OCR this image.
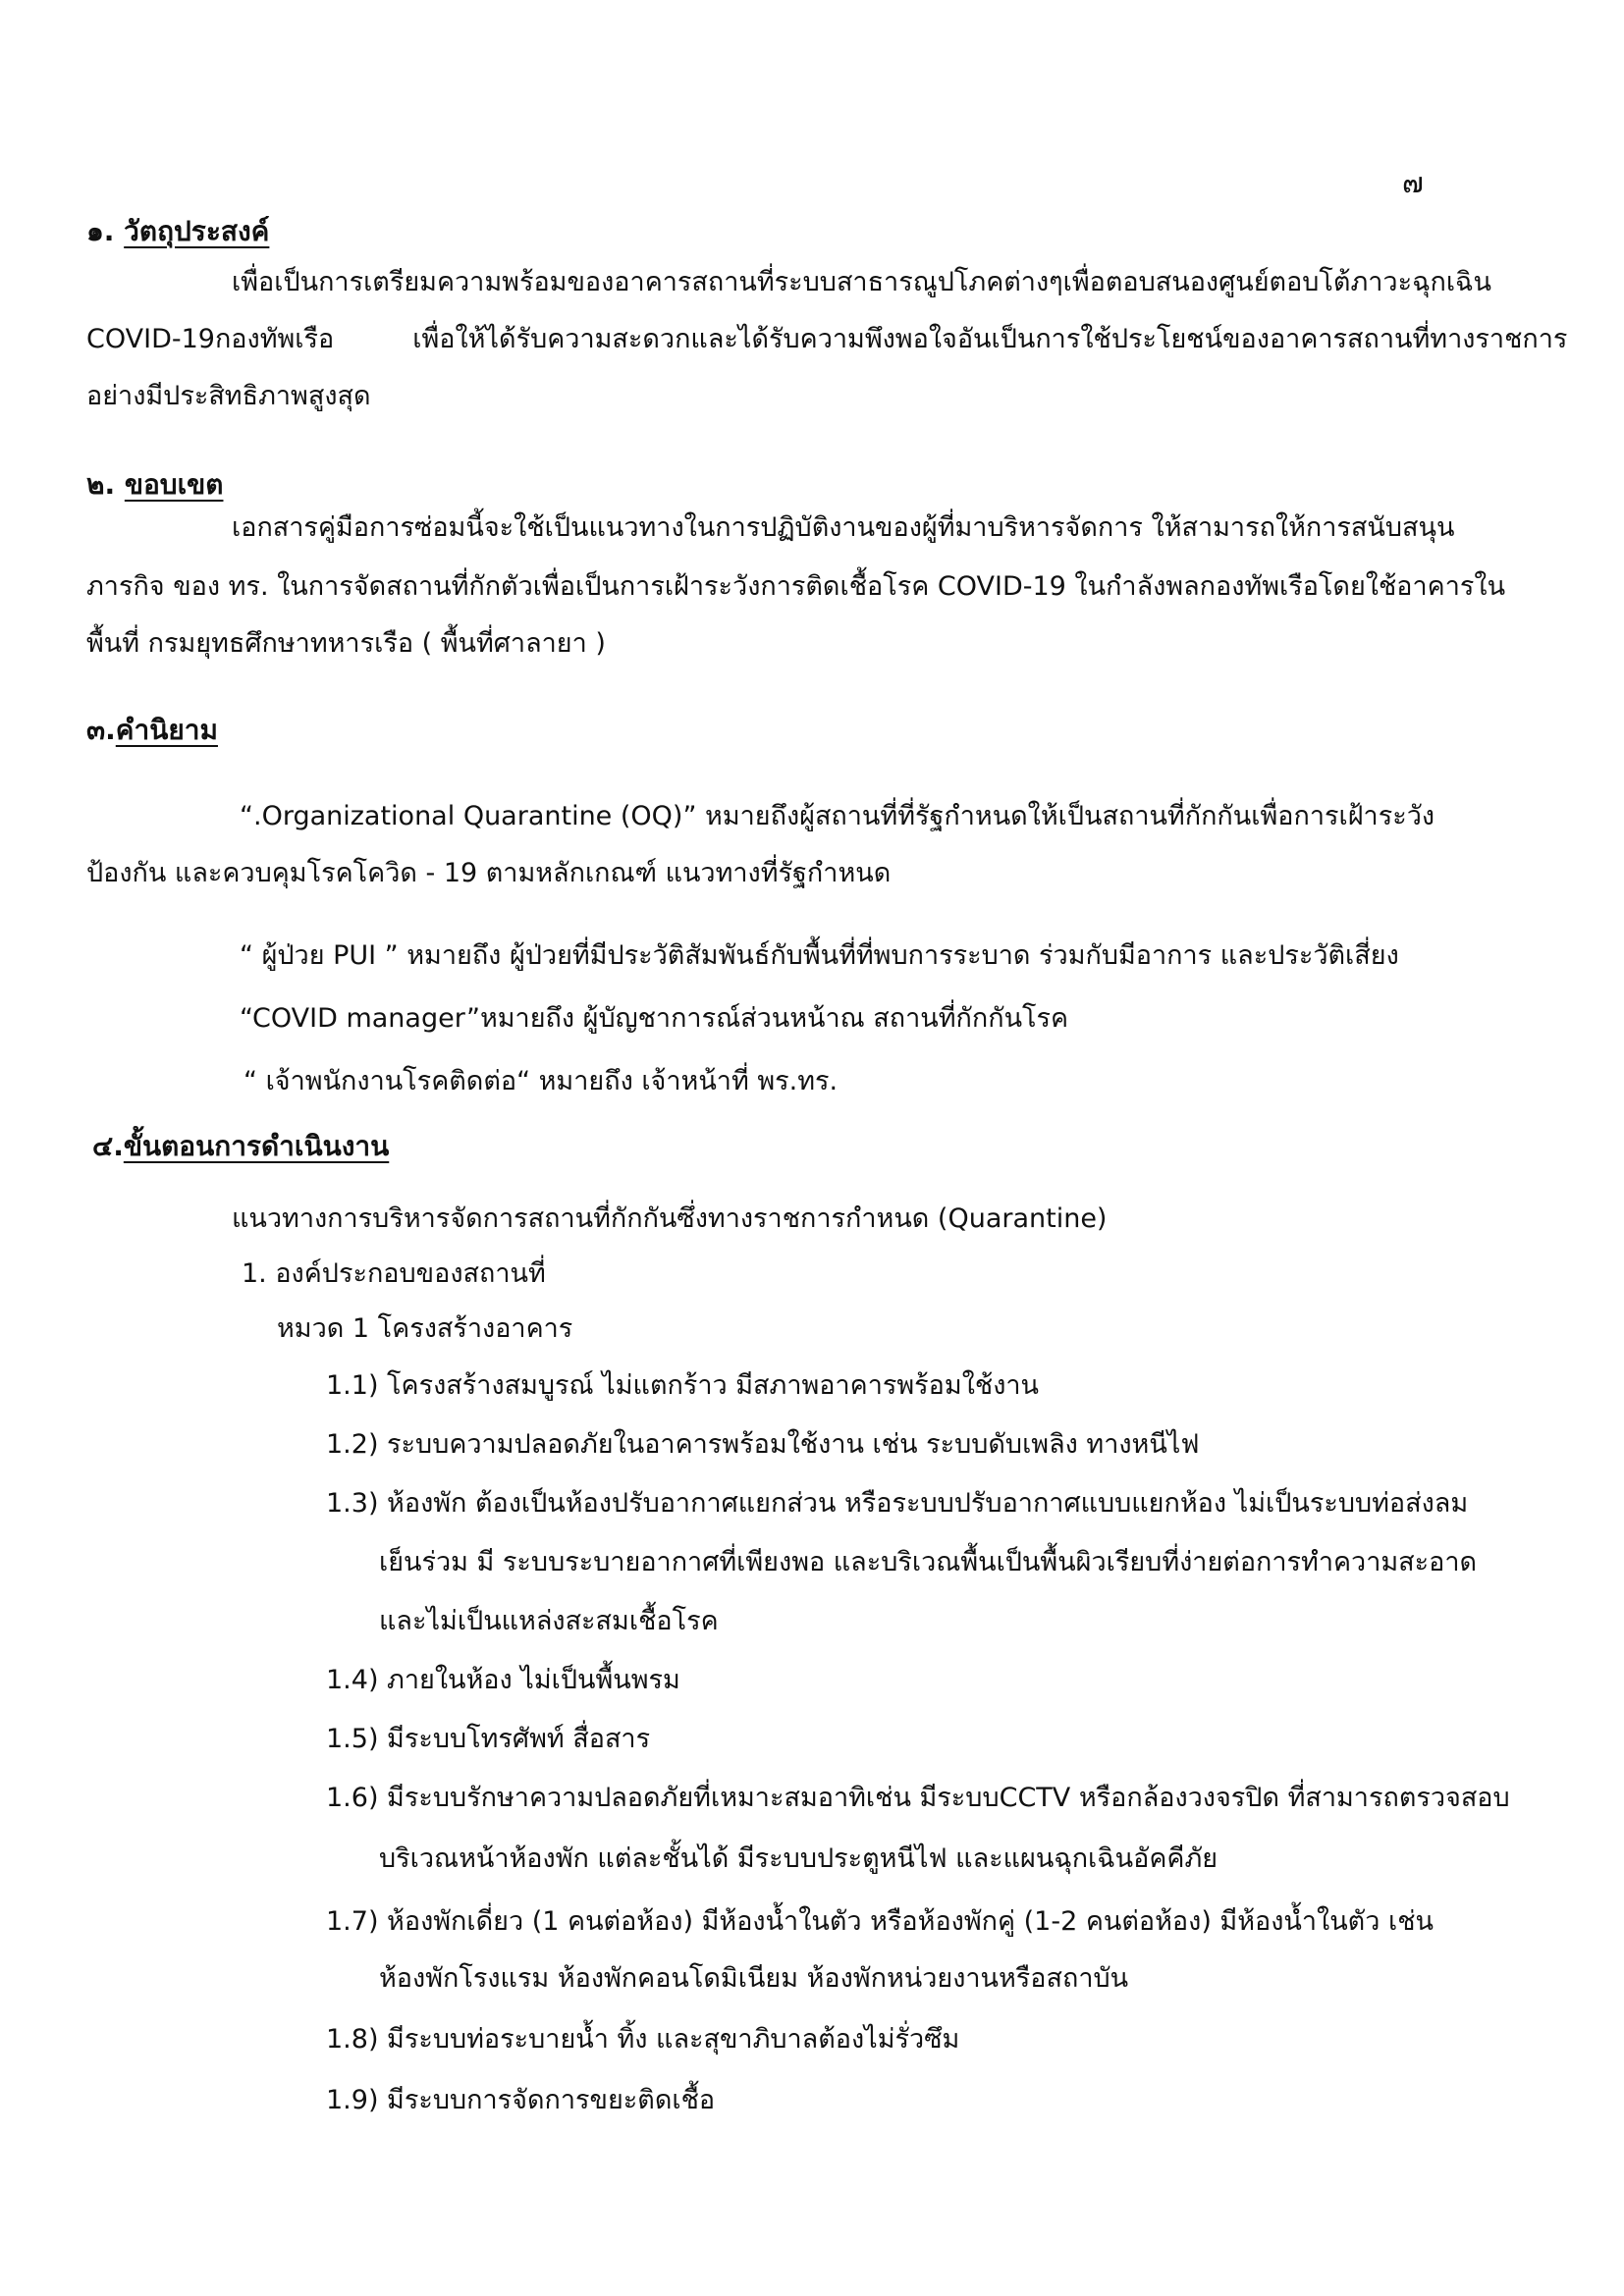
๗
๑. วัตถุประสงค์
เพื่อเป็นการเตรียมความพร้อมของอาคารสถานที่ระบบสาธารณูปโภคต่างๆเพื่อตอบสนองศูนย์ตอบโต้ภาวะฉุกเฉิน
COVID-19กองทัพเรือ	เพื่อให้ได้รับความสะดวกและได้รับความพึงพอใจอันเป็นการใช้ประโยชน์ของอาคารสถานที่ทางราชการ
อย่างมีประสิทธิภาพสูงสุด
๒. ขอบเขต
เอกสารคู่มือการซ่อมนี้จะใช้เป็นแนวทางในการปฏิบัติงานของผู้ที่มาบริหารจัดการ ให้สามารถให้การสนับสนุน
ภารกิจ ของ ทร. ในการจัดสถานที่กักตัวเพื่อเป็นการเฝ้าระวังการติดเชื้อโรค COVID-19 ในกำลังพลกองทัพเรือโดยใช้อาคารใน
พื้นที่ กรมยุทธศึกษาทหารเรือ ( พื้นที่ศาลายา )
๓.คำนิยาม
“.Organizational Quarantine (OQ)” หมายถึงผู้สถานที่ที่รัฐกำหนดให้เป็นสถานที่กักกันเพื่อการเฝ้าระวัง
ป้องกัน และควบคุมโรคโควิด - 19 ตามหลักเกณฑ์ แนวทางที่รัฐกำหนด
“ ผู้ป่วย PUI ” หมายถึง ผู้ป่วยที่มีประวัติสัมพันธ์กับพื้นที่ที่พบการระบาด ร่วมกับมีอาการ และประวัติเสี่ยง
“COVID manager”หมายถึง ผู้บัญชาการณ์ส่วนหน้าณ สถานที่กักกันโรค
“ เจ้าพนักงานโรคติดต่อ“ หมายถึง เจ้าหน้าที่ พร.ทร.
๔.ขั้นตอนการดำเนินงาน
แนวทางการบริหารจัดการสถานที่กักกันซึ่งทางราชการกำหนด (Quarantine)
1. องค์ประกอบของสถานที่
หมวด 1 โครงสร้างอาคาร
1.1) โครงสร้างสมบูรณ์ ไม่แตกร้าว มีสภาพอาคารพร้อมใช้งาน
1.2) ระบบความปลอดภัยในอาคารพร้อมใช้งาน เช่น ระบบดับเพลิง ทางหนีไฟ
1.3) ห้องพัก ต้องเป็นห้องปรับอากาศแยกส่วน หรือระบบปรับอากาศแบบแยกห้อง ไม่เป็นระบบท่อส่งลม
เย็นร่วม มี ระบบระบายอากาศที่เพียงพอ และบริเวณพื้นเป็นพื้นผิวเรียบที่ง่ายต่อการทำความสะอาด
และไม่เป็นแหล่งสะสมเชื้อโรค
1.4) ภายในห้อง ไม่เป็นพื้นพรม
1.5) มีระบบโทรศัพท์ สื่อสาร
1.6) มีระบบรักษาความปลอดภัยที่เหมาะสมอาทิเช่น มีระบบCCTV หรือกล้องวงจรปิด ที่สามารถตรวจสอบ
บริเวณหน้าห้องพัก แต่ละชั้นได้ มีระบบประตูหนีไฟ และแผนฉุกเฉินอัคคีภัย
1.7) ห้องพักเดี่ยว (1 คนต่อห้อง) มีห้องน้ำในตัว หรือห้องพักคู่ (1-2 คนต่อห้อง) มีห้องน้ำในตัว เช่น
ห้องพักโรงแรม ห้องพักคอนโดมิเนียม ห้องพักหน่วยงานหรือสถาบัน
1.8) มีระบบท่อระบายน้ำ ทิ้ง และสุขาภิบาลต้องไม่รั่วซึม
1.9) มีระบบการจัดการขยะติดเชื้อ
